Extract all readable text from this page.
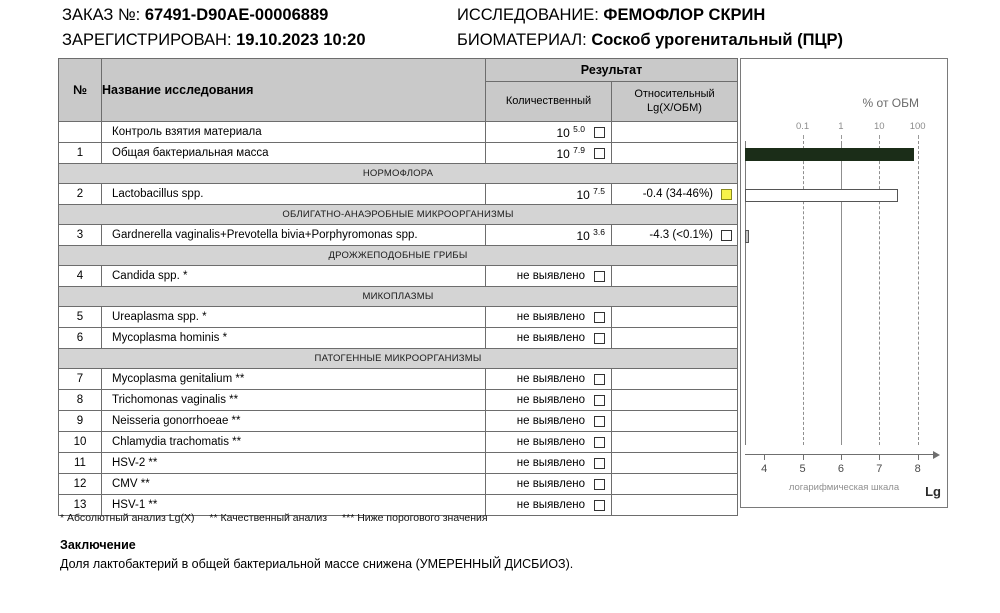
ЗАКАЗ №: 67491-D90AE-00006889	ИССЛЕДОВАНИЕ: ФЕМОФЛОР СКРИН
ЗАРЕГИСТРИРОВАН: 19.10.2023 10:20	БИОМАТЕРИАЛ: Соскоб урогенитальный (ПЦР)
№	Название исследования	Результат	
		Количественный	Относительный
Lg(X/ОБМ)

	Контроль взятия материала	10 $^{5.0}$

1	Общая бактериальная масса	10 $^{7.9}$

НОРМОФЛОРА			
2	Lactobacillus spp.	10 $^{7.5}$	-0.4 (34-46%)

ОБЛИГАТНО-АНАЭРОБНЫЕ МИКРООРГАНИЗМЫ			
3	Gardnerella vaginalis+Prevotella bivia+Porphyromonas spp.	10 $^{3.6}$	-4.3 (<0.1%)

ДРОЖЖЕПОДОБНЫЕ ГРИБЫ			
4	Candida spp. *	не выявлено	

МИКОПЛАЗМЫ			
5	Ureaplasma spp. *	не выявлено	

6	Mycoplasma hominis *	не выявлено	

ПАТОГЕННЫЕ МИКРООРГАНИЗМЫ			
7	Mycoplasma genitalium **	не выявлено	

8	Trichomonas vaginalis **	не выявлено	

9	Neisseria gonorrhoeae **	не выявлено	

10	Chlamydia trachomatis **	не выявлено	

11	HSV-2 **	не выявлено	

12	CMV **	не выявлено	

13	HSV-1 **	не выявлено	

% от ОБМ
логарифмическая шкала	Lg
0.1	1	10	100
4	5	6	7	8
* Абсолютный анализ Lg(X) ** Качественный анализ *** Ниже порогового значения
Заключение
Доля лактобактерий в общей бактериальной массе снижена (УМЕРЕННЫЙ ДИСБИОЗ).
